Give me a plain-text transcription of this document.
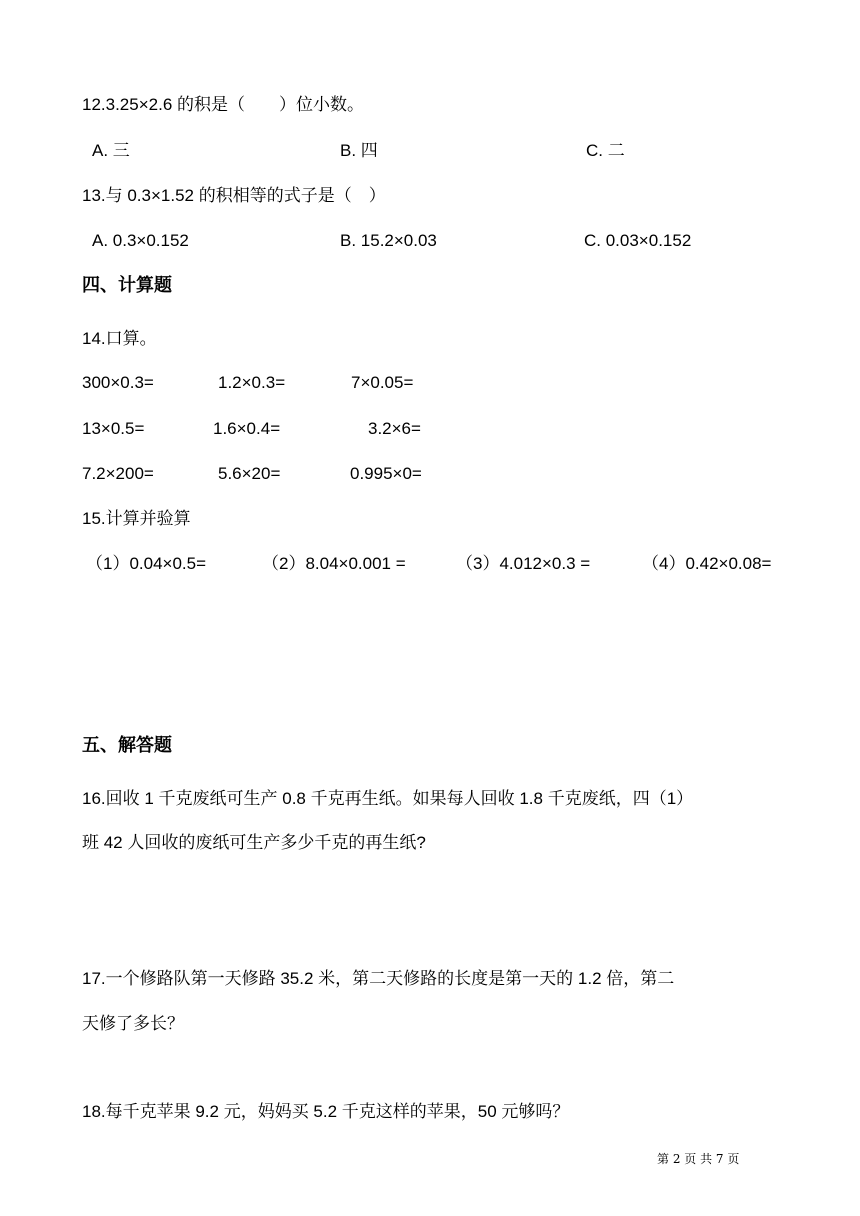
12.3.25×2.6 的积是（　　）位小数。
A. 三	B. 四	C. 二
13.与 0.3×1.52 的积相等的式子是（　）
A. 0.3×0.152	B. 15.2×0.03	C. 0.03×0.152
四、计算题
14.口算。
300×0.3=	1.2×0.3=	7×0.05=
13×0.5=	1.6×0.4=	3.2×6=
7.2×200=	5.6×20=	0.995×0=
15.计算并验算
（1）0.04×0.5=	（2）8.04×0.001 =	（3）4.012×0.3 =	（4）0.42×0.08=
五、解答题
16.回收 1 千克废纸可生产 0.8 千克再生纸。如果每人回收 1.8 千克废纸，四（1）
班 42 人回收的废纸可生产多少千克的再生纸?
17.一个修路队第一天修路 35.2 米，第二天修路的长度是第一天的 1.2 倍，第二
天修了多长？
18.每千克苹果 9.2 元，妈妈买 5.2 千克这样的苹果，50 元够吗？
第 2 页 共 7 页
